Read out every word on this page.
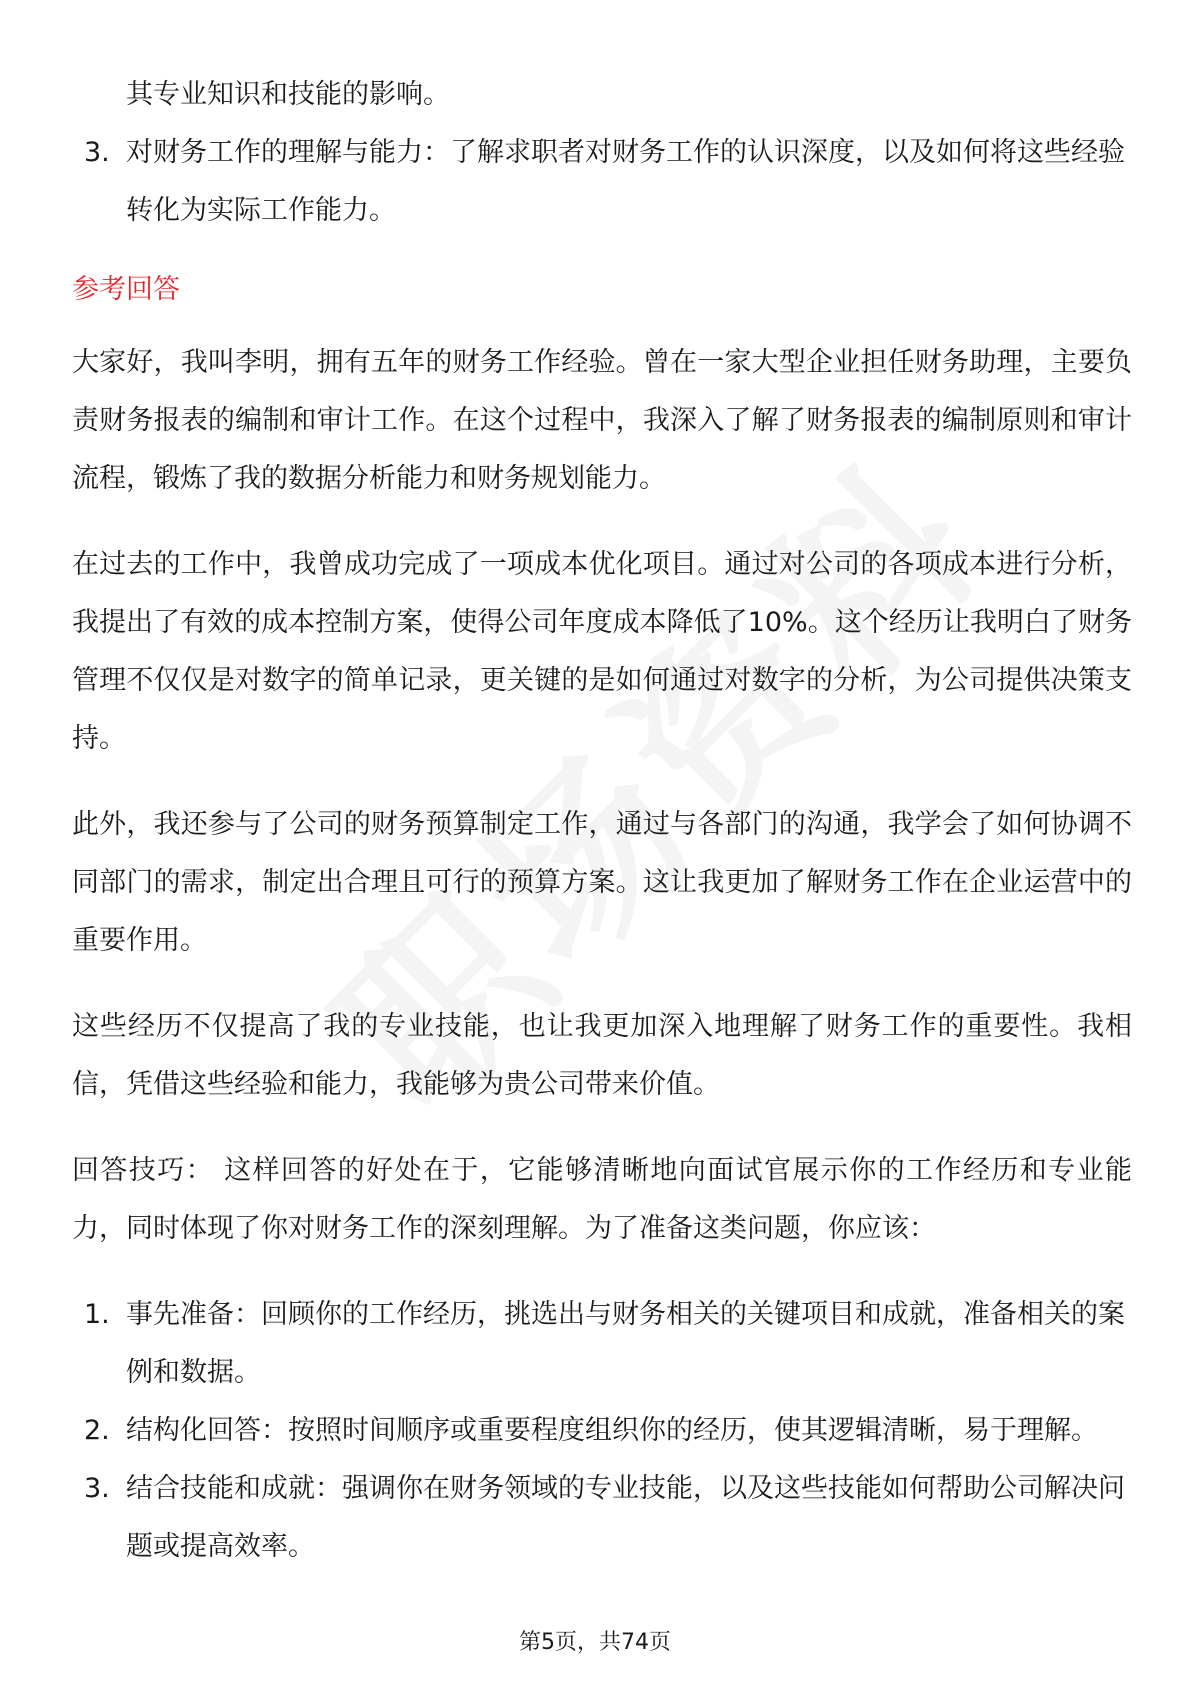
其专业知识和技能的影响。
3. 对财务工作的理解与能力：了解求职者对财务工作的认识深度，以及如何将这些经验转化为实际工作能力。
参考回答

大家好，我叫李明，拥有五年的财务工作经验。曾在一家大型企业担任财务助理，主要负责财务报表的编制和审计工作。在这个过程中，我深入了解了财务报表的编制原则和审计流程，锻炼了我的数据分析能力和财务规划能力。

在过去的工作中，我曾成功完成了一项成本优化项目。通过对公司的各项成本进行分析，我提出了有效的成本控制方案，使得公司年度成本降低了10%。这个经历让我明白了财务管理不仅仅是对数字的简单记录，更关键的是如何通过对数字的分析，为公司提供决策支持。

此外，我还参与了公司的财务预算制定工作，通过与各部门的沟通，我学会了如何协调不同部门的需求，制定出合理且可行的预算方案。这让我更加了解财务工作在企业运营中的重要作用。

这些经历不仅提高了我的专业技能，也让我更加深入地理解了财务工作的重要性。我相信，凭借这些经验和能力，我能够为贵公司带来价值。

回答技巧： 这样回答的好处在于，它能够清晰地向面试官展示你的工作经历和专业能力，同时体现了你对财务工作的深刻理解。为了准备这类问题，你应该：

1. 事先准备：回顾你的工作经历，挑选出与财务相关的关键项目和成就，准备相关的案例和数据。
2. 结构化回答：按照时间顺序或重要程度组织你的经历，使其逻辑清晰，易于理解。
3. 结合技能和成就：强调你在财务领域的专业技能，以及这些技能如何帮助公司解决问题或提高效率。
第5页，共74页
